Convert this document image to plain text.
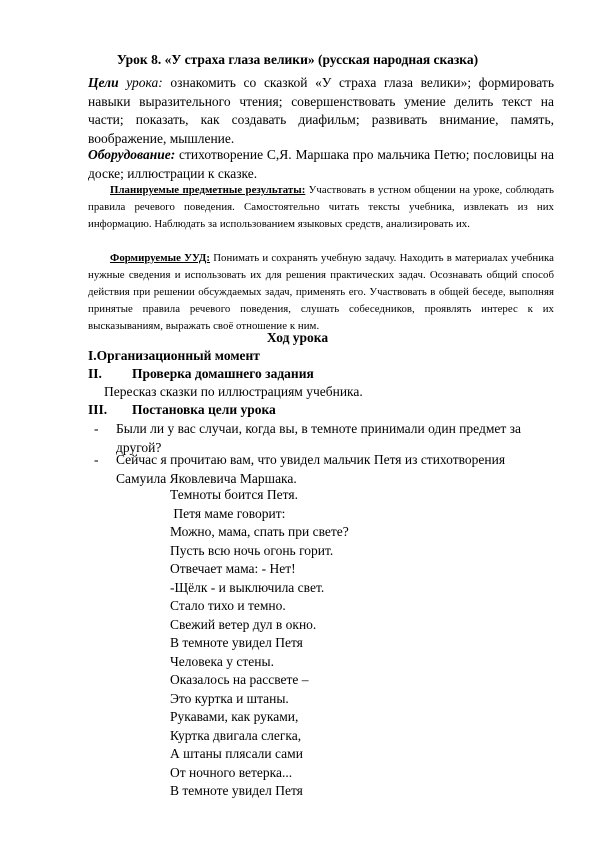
Урок 8. «У страха глаза велики» (русская народная сказка)
Цели урока: ознакомить со сказкой «У страха глаза велики»; формировать навыки выразительного чтения; совершенствовать умение делить текст на части; показать, как создавать диафильм; развивать внимание, память, воображение, мышление.
Оборудование: стихотворение С,Я. Маршака про мальчика Петю; пословицы на доске; иллюстрации к сказке.

Планируемые предметные результаты: Участвовать в устном общении на уроке, соблюдать правила речевого поведения. Самостоятельно читать тексты учебника, извлекать из них информацию. Наблюдать за использованием языковых средств, анализировать их.

Формируемые УУД: Понимать и сохранять учебную задачу. Находить в материалах учебника нужные сведения и использовать их для решения практических задач. Осознавать общий способ действия при решении обсуждаемых задач, применять его. Участвовать в общей беседе, выполняя принятые правила речевого поведения, слушать собеседников, проявлять интерес к их высказываниям, выражать своё отношение к ним.

Ход урока
I.Организационный момент
II. Проверка домашнего задания
Пересказ сказки по иллюстрациям учебника.
III. Постановка цели урока
- Были ли у вас случаи, когда вы, в темноте принимали один предмет за другой?
- Сейчас я прочитаю вам, что увидел мальчик Петя из стихотворения Самуила Яковлевича Маршака.
Темноты боится Петя.
Петя маме говорит:
Можно, мама, спать при свете?
Пусть всю ночь огонь горит.
Отвечает мама: - Нет!
-Щёлк - и выключила свет.
Стало тихо и темно.
Свежий ветер дул в окно.
В темноте увидел Петя
Человека у стены.
Оказалось на рассвете –
Это куртка и штаны.
Рукавами, как руками,
Куртка двигала слегка,
А штаны плясали сами
От ночного ветерка...
В темноте увидел Петя
